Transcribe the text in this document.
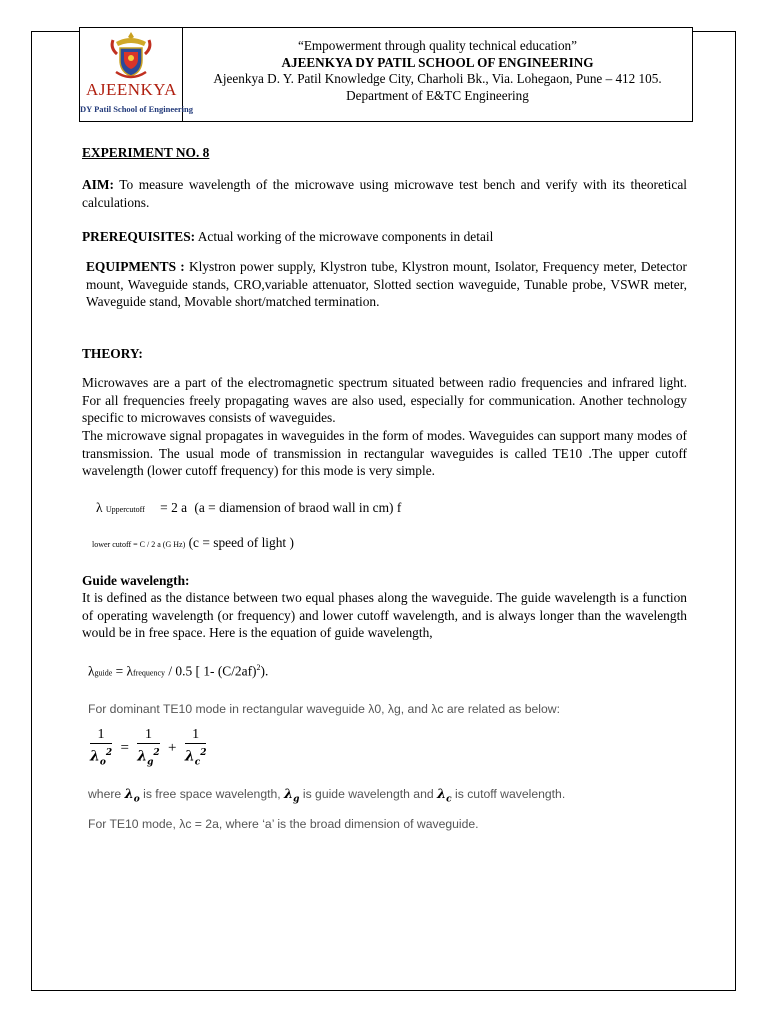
AJEENKYA
DY Patil School of Engineering
“Empowerment through quality technical education”
AJEENKYA DY PATIL SCHOOL OF ENGINEERING
Ajeenkya D. Y. Patil Knowledge City, Charholi Bk., Via. Lohegaon, Pune – 412 105.
Department of E&TC Engineering
EXPERIMENT NO. 8
AIM: To measure wavelength of the microwave using microwave test bench and verify with its theoretical calculations.
PREREQUISITES: Actual working of the microwave components in detail
EQUIPMENTS : Klystron power supply, Klystron tube, Klystron mount, Isolator, Frequency meter, Detector mount, Waveguide stands, CRO,variable attenuator, Slotted section waveguide, Tunable probe, VSWR meter, Waveguide stand, Movable short/matched termination.
THEORY:
Microwaves are a part of the electromagnetic spectrum situated between radio frequencies and infrared light. For all frequencies freely propagating waves are also used, especially for communication. Another technology specific to microwaves consists of waveguides.
The microwave signal propagates in waveguides in the form of modes. Waveguides can support many modes of transmission. The usual mode of transmission in rectangular waveguides is called TE10 .The upper cutoff wavelength (lower cutoff frequency) for this mode is very simple.
λ Uppercutoff = 2 a (a = diamension of braod wall in cm) f
lower cutoff = C / 2 a (G Hz) (c = speed of light )
Guide wavelength:
It is defined as the distance between two equal phases along the waveguide. The guide wavelength is a function of operating wavelength (or frequency) and lower cutoff wavelength, and is always longer than the wavelength would be in free space. Here is the equation of guide wavelength,
λguide = λfrequency / 0.5 [ 1- $(C/2af)^2$).
For dominant TE10 mode in rectangular waveguide λ0, λg, and λc are related as below:
$\frac{1}{\lambda_o^2} = \frac{1}{\lambda_g^2} + \frac{1}{\lambda_c^2}$
where $\lambda_o$ is free space wavelength, $\lambda_g$ is guide wavelength and $\lambda_c$ is cutoff wavelength.
For TE10 mode, λc = 2a, where ‘a’ is the broad dimension of waveguide.
